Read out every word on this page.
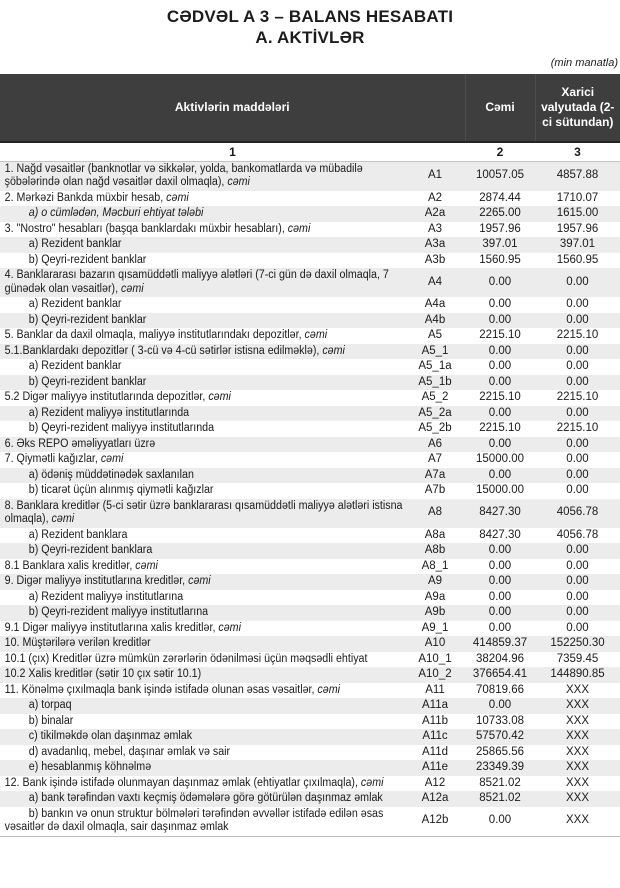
CƏDVƏL A 3 – BALANS HESABATI
A. AKTİVLƏR
(min manatla)
Aktivlərin maddələri		Cəmi	Xarici valyutada (2-ci sütundan)
1		2	3

1. Nağd vəsaitlər (banknotlar və sikkələr, yolda, bankomatlarda və mübadilə şöbələrində olan nağd vəsaitlər daxil olmaqla), cəmi	A1	10057.05	4857.88

2. Mərkəzi Bankda müxbir hesab, cəmi	A2	2874.44	1710.07

a) o cümlədən, Məcburi ehtiyat tələbi	A2a	2265.00	1615.00

3. "Nostro" hesabları (başqa banklardakı müxbir hesabları), cəmi	A3	1957.96	1957.96

a) Rezident banklar	A3a	397.01	397.01

b) Qeyri-rezident banklar	A3b	1560.95	1560.95

4. Banklararası bazarın qısamüddətli maliyyə alətləri (7-ci gün də daxil olmaqla, 7 günədək olan vəsaitlər), cəmi	A4	0.00	0.00

a) Rezident banklar	A4a	0.00	0.00

b) Qeyri-rezident banklar	A4b	0.00	0.00

5. Banklar da daxil olmaqla, maliyyə institutlarındakı depozitlər, cəmi	A5	2215.10	2215.10

5.1.Banklardakı depozitlər ( 3-cü və 4-cü sətirlər istisna edilməklə), cəmi	A5_1	0.00	0.00

a) Rezident banklar	A5_1a	0.00	0.00

b) Qeyri-rezident banklar	A5_1b	0.00	0.00

5.2 Digər maliyyə institutlarında depozitlər, cəmi	A5_2	2215.10	2215.10

a) Rezident maliyyə institutlarında	A5_2a	0.00	0.00

b) Qeyri-rezident maliyyə institutlarında	A5_2b	2215.10	2215.10

6. Əks REPO əməliyyatları üzrə	A6	0.00	0.00

7. Qiymətli kağızlar, cəmi	A7	15000.00	0.00

a) ödəniş müddətinədək saxlanılan	A7a	0.00	0.00

b) ticarət üçün alınmış qiymətli kağızlar	A7b	15000.00	0.00

8. Banklara kreditlər (5-ci sətir üzrə banklararası qısamüddətli maliyyə alətləri istisna olmaqla), cəmi	A8	8427.30	4056.78

a) Rezident banklara	A8a	8427.30	4056.78

b) Qeyri-rezident banklara	A8b	0.00	0.00

8.1 Banklara xalis kreditlər, cəmi	A8_1	0.00	0.00

9. Digər maliyyə institutlarına kreditlər, cəmi	A9	0.00	0.00

a) Rezident maliyyə institutlarına	A9a	0.00	0.00

b) Qeyri-rezident maliyyə institutlarına	A9b	0.00	0.00

9.1 Digər maliyyə institutlarına xalis kreditlər, cəmi	A9_1	0.00	0.00

10. Müştərilərə verilən kreditlər	A10	414859.37	152250.30

10.1 (çıx) Kreditlər üzrə mümkün zərərlərin ödənilməsi üçün məqsədli ehtiyat	A10_1	38204.96	7359.45

10.2 Xalis kreditlər (sətir 10 çıx sətir 10.1)	A10_2	376654.41	144890.85

11. Könəlmə çıxılmaqla bank işində istifadə olunan əsas vəsaitlər, cəmi	A11	70819.66	XXX

a) torpaq	A11a	0.00	XXX

b) binalar	A11b	10733.08	XXX

c) tikilməkdə olan daşınmaz əmlak	A11c	57570.42	XXX

d) avadanlıq, mebel, daşınar əmlak və sair	A11d	25865.56	XXX

e) hesablanmış köhnəlmə	A11e	23349.39	XXX

12. Bank işində istifadə olunmayan daşınmaz əmlak (ehtiyatlar çıxılmaqla), cəmi	A12	8521.02	XXX

a) bank tərəfindən vaxtı keçmiş ödəmələrə görə götürülən daşınmaz əmlak	A12a	8521.02	XXX

b) bankın və onun struktur bölmələri tərəfindən əvvəllər istifadə edilən əsas vəsaitlər də daxil olmaqla, sair daşınmaz əmlak	A12b	0.00	XXX
